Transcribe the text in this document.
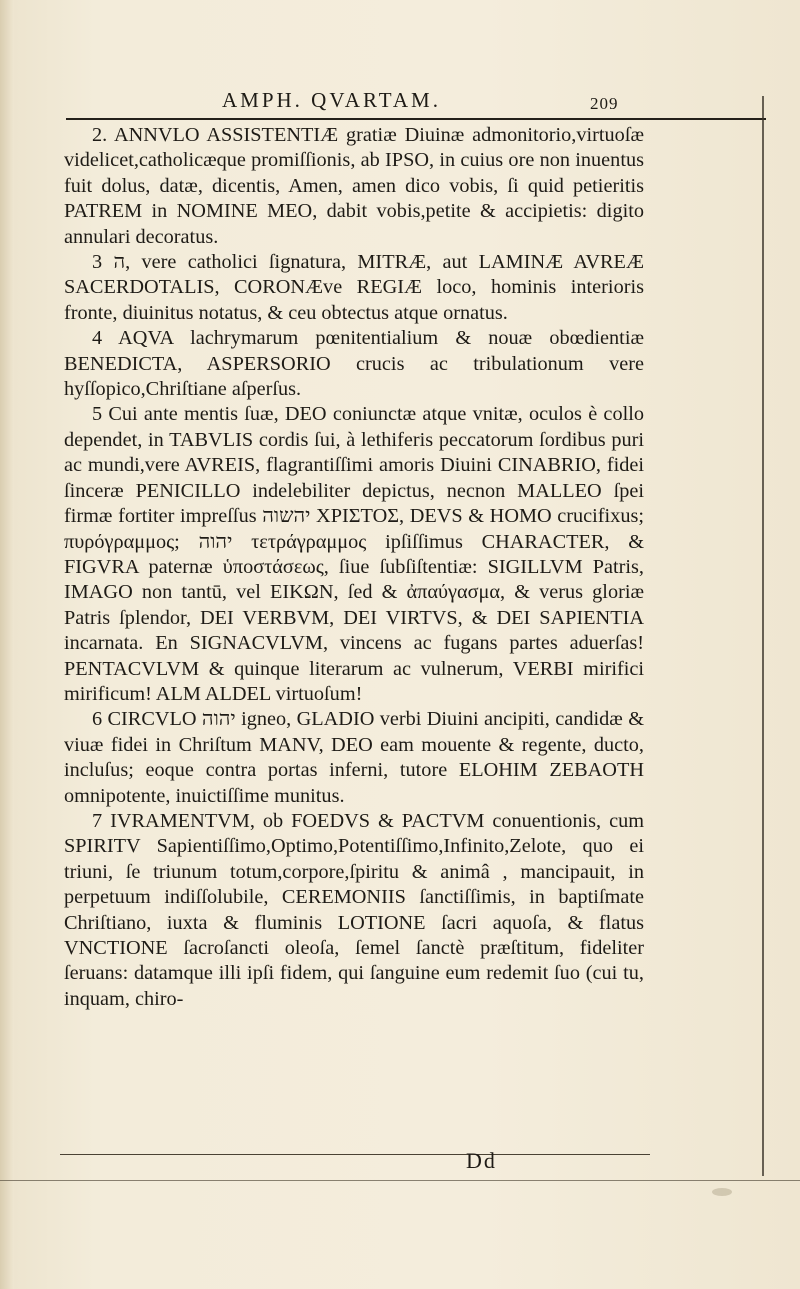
AMPH. QVARTAM.	209

2. ANNVLO ASSISTENTIÆ gratiæ Diuinæ admonitorio,virtuoſæ videlicet,catholicæque promiſſionis, ab IPSO, in cuius ore non inuentus fuit dolus, datæ, dicentis, Amen, amen dico vobis, ſi quid petieritis PATREM in NOMINE MEO, dabit vobis,petite & accipietis: digito annulari decoratus.

3 ה, vere catholici ſignatura, MITRÆ, aut LAMINÆ AVREÆ SACERDOTALIS, CORONÆve REGIÆ loco, hominis interioris fronte, diuinitus notatus, & ceu obtectus atque ornatus.

4 AQVA lachrymarum pœnitentialium & nouæ obœdientiæ BENEDICTA, ASPERSORIO crucis ac tribulationum vere hyſſopico,Chriſtiane aſperſus.

5 Cui ante mentis ſuæ, DEO coniunctæ atque vnitæ, oculos è collo dependet, in TABVLIS cordis ſui, à lethiferis peccatorum ſordibus puri ac mundi,vere AVREIS, flagrantiſſimi amoris Diuini CINABRIO, fidei ſinceræ PENICILLO indelebiliter depictus, necnon MALLEO ſpei firmæ fortiter impreſſus יהשוה ΧΡΙΣΤΟΣ, DEVS & HOMO crucifixus; πυρόγραμμος; יהוה τετράγραμμος ipſiſſimus CHARACTER, & FIGVRA paternæ ὑποστάσεως, ſiue ſubſiſtentiæ: SIGILLVM Patris, IMAGO non tantū, vel ΕΙΚΩΝ, ſed & ἀπαύγασμα, & verus gloriæ Patris ſplendor, DEI VERBVM, DEI VIRTVS, & DEI SAPIENTIA incarnata. En SIGNACVLVM, vincens ac fugans partes aduerſas! PENTACVLVM & quinque literarum ac vulnerum, VERBI mirifici mirificum! ALM ALDEL virtuoſum!

6 CIRCVLO יהוה igneo, GLADIO verbi Diuini ancipiti, candidæ & viuæ fidei in Chriſtum MANV, DEO eam mouente & regente, ducto, incluſus; eoque contra portas inferni, tutore ELOHIM ZEBAOTH omnipotente, inuictiſſime munitus.

7 IVRAMENTVM, ob FOEDVS & PACTVM conuentionis, cum SPIRITV Sapientiſſimo,Optimo,Potentiſſimo,Infinito,Zelote, quo ei triuni, ſe triunum totum,corpore,ſpiritu & animâ , mancipauit, in perpetuum indiſſolubile, CEREMONIIS ſanctiſſimis, in baptiſmate Chriſtiano, iuxta & fluminis LOTIONE ſacri aquoſa, & flatus VNCTIONE ſacroſancti oleoſa, ſemel ſanctè præſtitum, fideliter ſeruans: datamque illi ipſi fidem, qui ſanguine eum redemit ſuo (cui tu, inquam, chiro-

Dd
